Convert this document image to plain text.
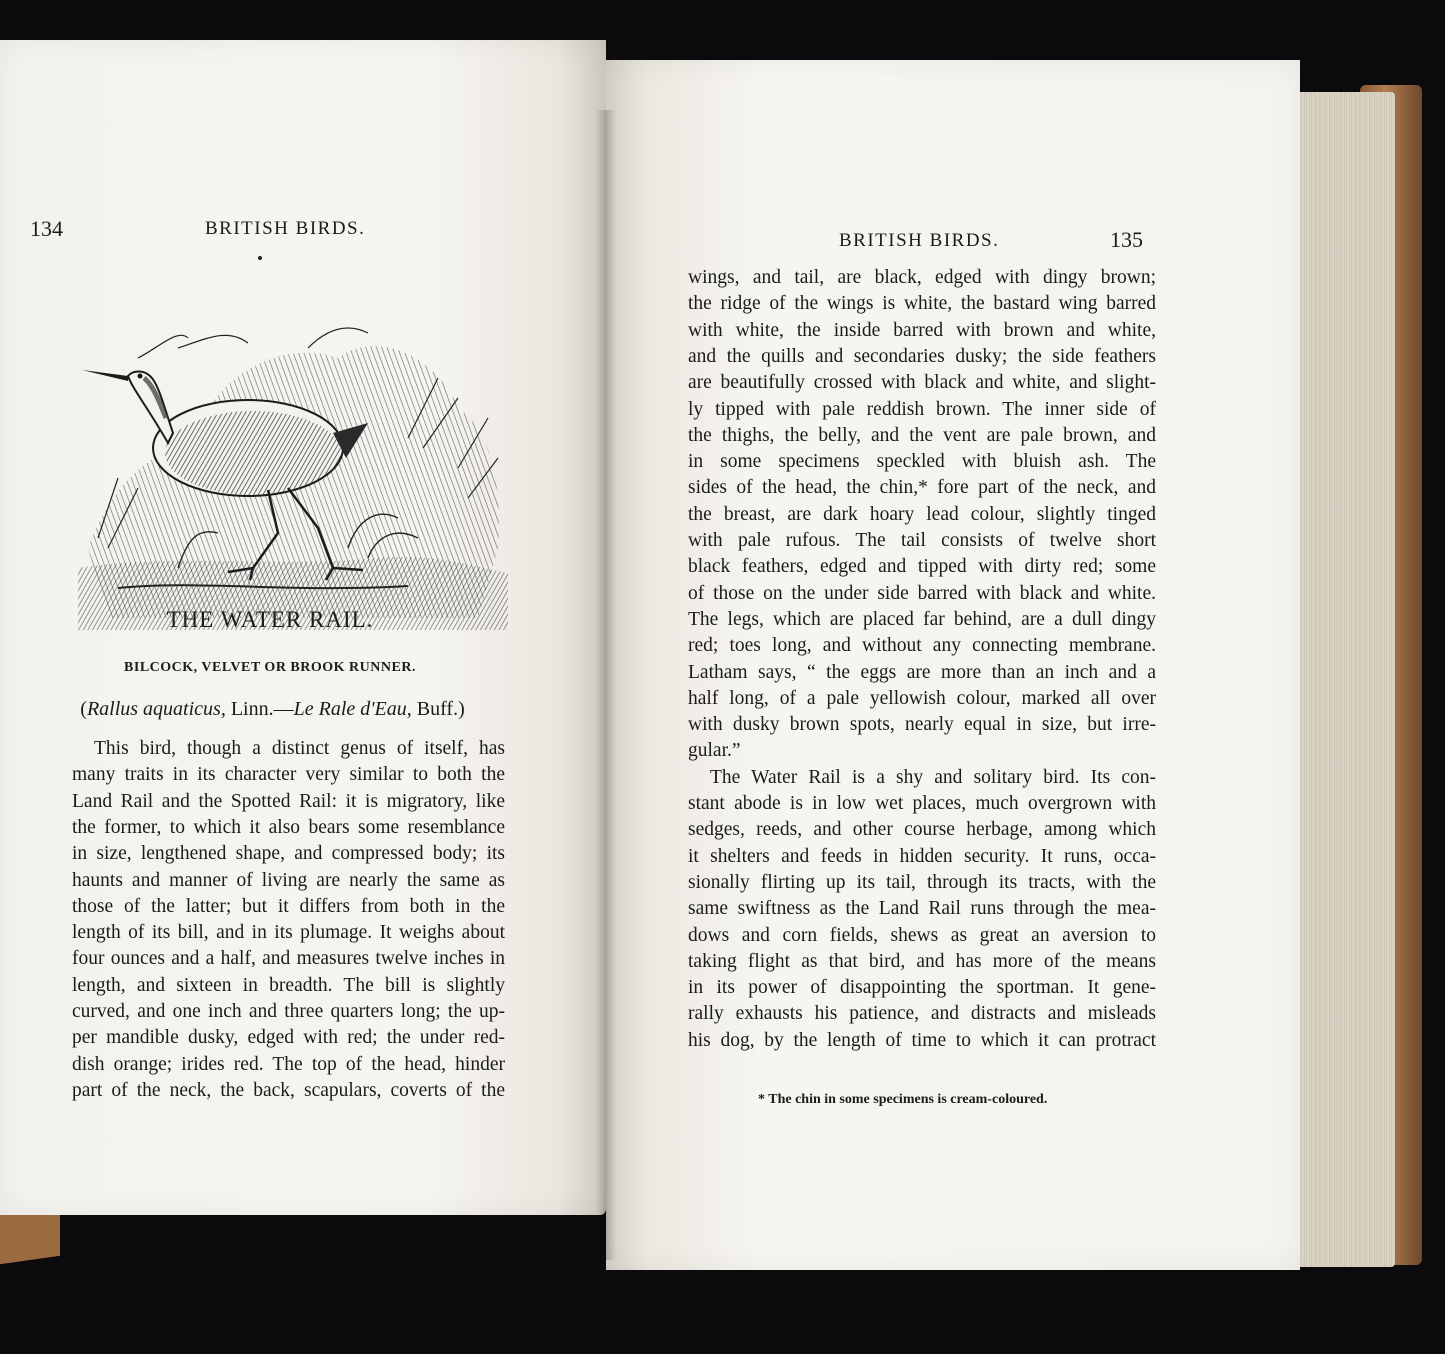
134	BRITISH BIRDS.
THE WATER RAIL.
BILCOCK, VELVET OR BROOK RUNNER.
(Rallus aquaticus, Linn.—Le Rale d'Eau, Buff.)
This bird, though a distinct genus of itself, has
many traits in its character very similar to both the
Land Rail and the Spotted Rail: it is migratory, like
the former, to which it also bears some resemblance
in size, lengthened shape, and compressed body; its
haunts and manner of living are nearly the same as
those of the latter; but it differs from both in the
length of its bill, and in its plumage. It weighs about
four ounces and a half, and measures twelve inches in
length, and sixteen in breadth. The bill is slightly
curved, and one inch and three quarters long; the up-
per mandible dusky, edged with red; the under red-
dish orange; irides red. The top of the head, hinder
part of the neck, the back, scapulars, coverts of the
BRITISH BIRDS.	135
wings, and tail, are black, edged with dingy brown;
the ridge of the wings is white, the bastard wing barred
with white, the inside barred with brown and white,
and the quills and secondaries dusky; the side feathers
are beautifully crossed with black and white, and slight-
ly tipped with pale reddish brown. The inner side of
the thighs, the belly, and the vent are pale brown, and
in some specimens speckled with bluish ash. The
sides of the head, the chin,* fore part of the neck, and
the breast, are dark hoary lead colour, slightly tinged
with pale rufous. The tail consists of twelve short
black feathers, edged and tipped with dirty red; some
of those on the under side barred with black and white.
The legs, which are placed far behind, are a dull dingy
red; toes long, and without any connecting membrane.
Latham says, “ the eggs are more than an inch and a
half long, of a pale yellowish colour, marked all over
with dusky brown spots, nearly equal in size, but irre-
gular.”
The Water Rail is a shy and solitary bird. Its con-
stant abode is in low wet places, much overgrown with
sedges, reeds, and other course herbage, among which
it shelters and feeds in hidden security. It runs, occa-
sionally flirting up its tail, through its tracts, with the
same swiftness as the Land Rail runs through the mea-
dows and corn fields, shews as great an aversion to
taking flight as that bird, and has more of the means
in its power of disappointing the sportman. It gene-
rally exhausts his patience, and distracts and misleads
his dog, by the length of time to which it can protract
* The chin in some specimens is cream-coloured.
